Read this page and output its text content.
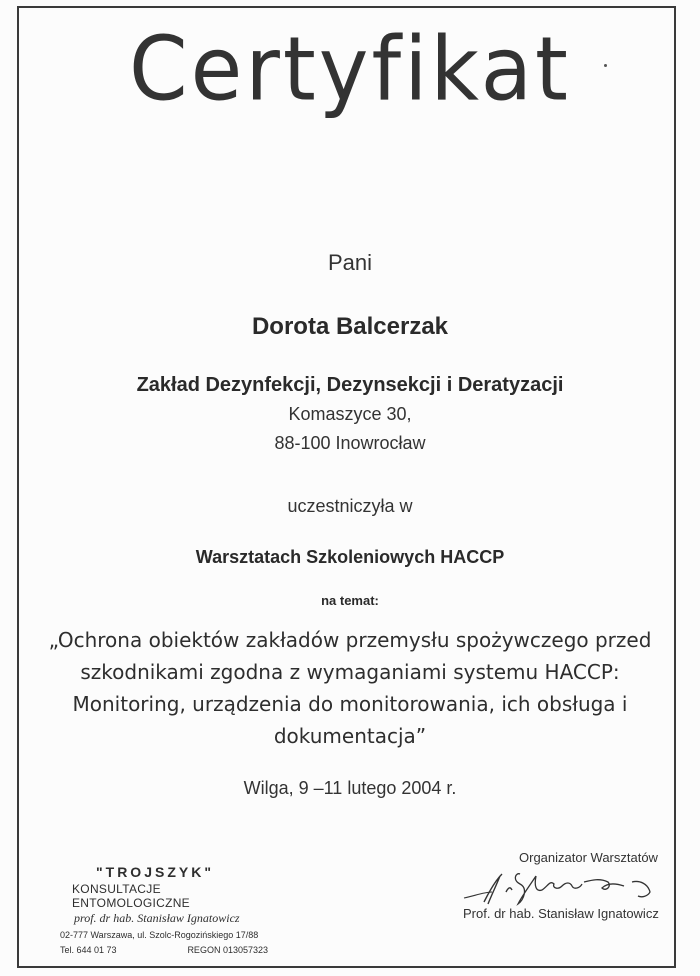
Certyfikat
Pani
Dorota Balcerzak
Zakład Dezynfekcji, Dezynsekcji i Deratyzacji
Komaszyce 30,
88-100 Inowrocław
uczestniczyła w
Warsztatach Szkoleniowych HACCP
na temat:
„Ochrona obiektów zakładów przemysłu spożywczego przed
szkodnikami zgodna z wymaganiami systemu HACCP:
Monitoring, urządzenia do monitorowania, ich obsługa i
dokumentacja”
Wilga, 9 –11 lutego 2004 r.
"TROJSZYK"
KONSULTACJE ENTOMOLOGICZNE
prof. dr hab. Stanisław Ignatowicz
02-777 Warszawa, ul. Szolc-Rogozińskiego 17/88
Tel. 644 01 73	REGON 013057323
Organizator Warsztatów
Prof. dr hab. Stanisław Ignatowicz
